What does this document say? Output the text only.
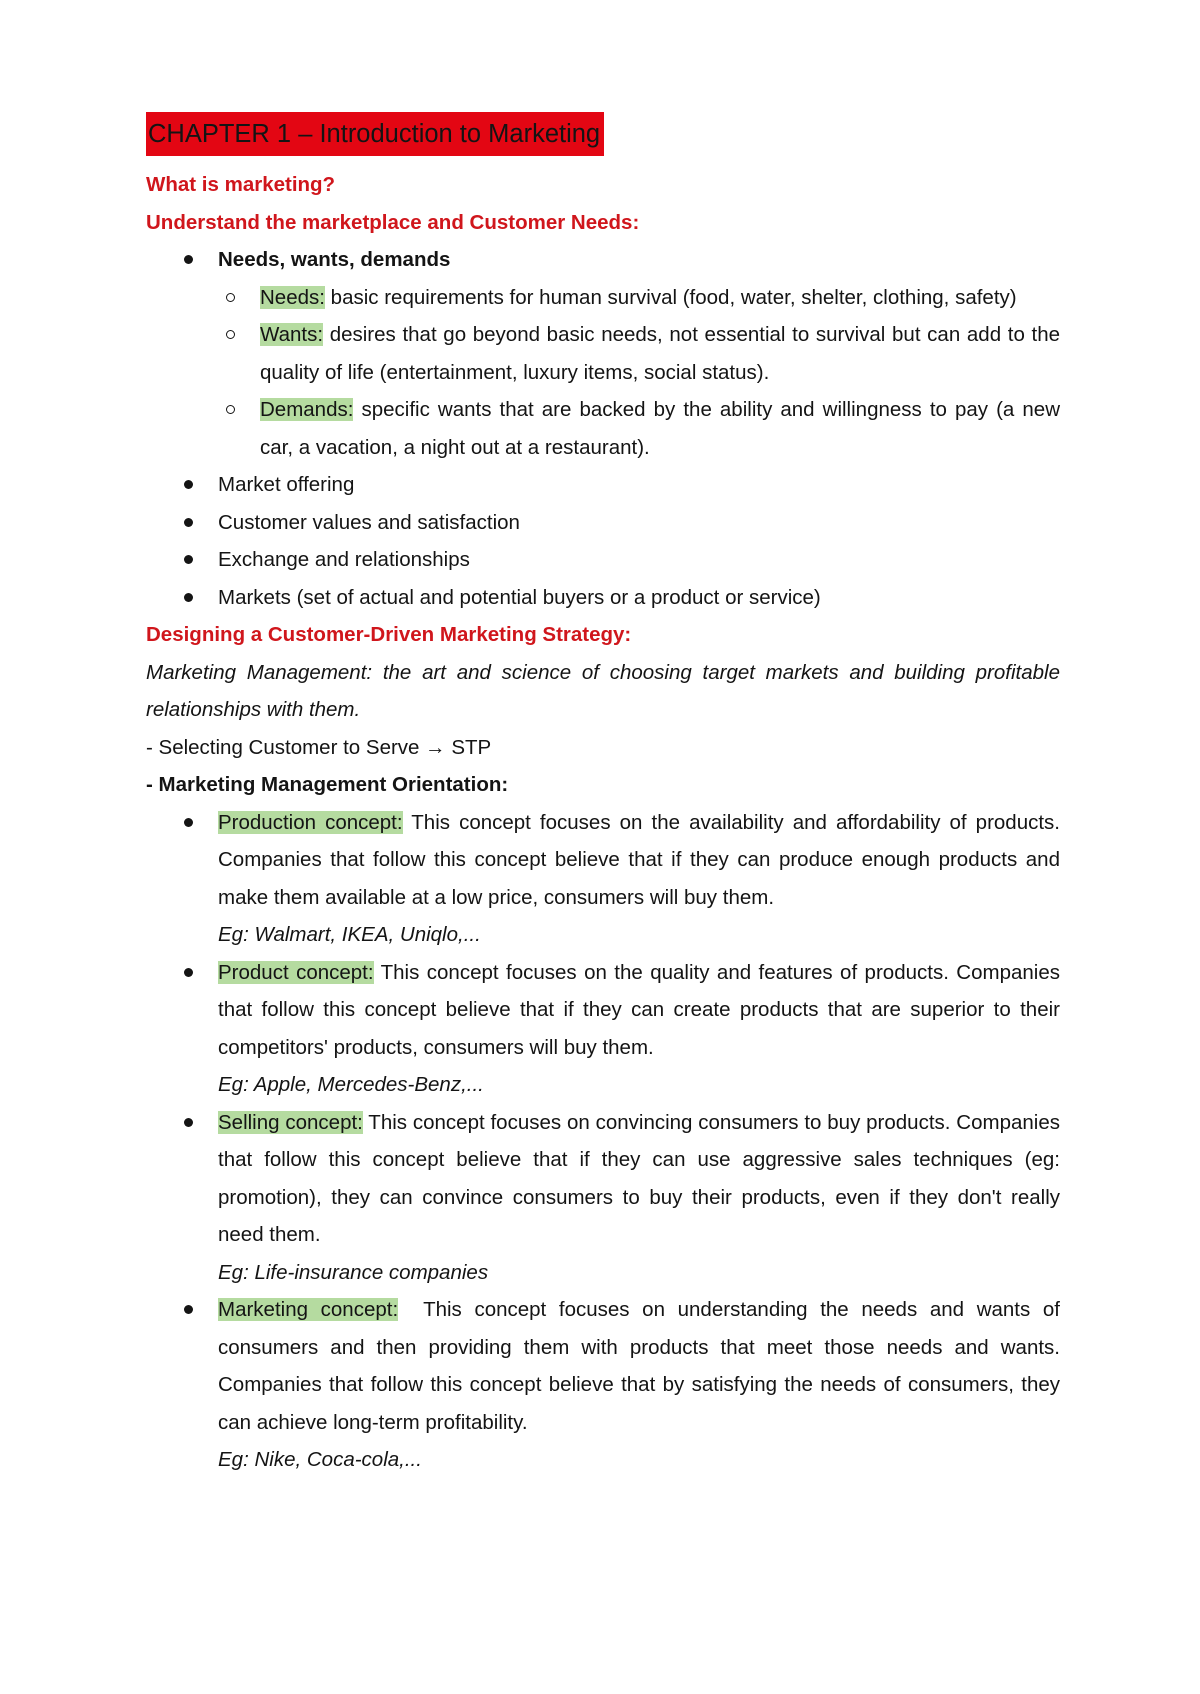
CHAPTER 1 – Introduction to Marketing

What is marketing?

Understand the marketplace and Customer Needs:

Needs, wants, demands
Needs: basic requirements for human survival (food, water, shelter, clothing, safety)
Wants: desires that go beyond basic needs, not essential to survival but can add to the quality of life (entertainment, luxury items, social status).
Demands: specific wants that are backed by the ability and willingness to pay (a new car, a vacation, a night out at a restaurant).
Market offering
Customer values and satisfaction
Exchange and relationships
Markets (set of actual and potential buyers or a product or service)

Designing a Customer-Driven Marketing Strategy:

Marketing Management: the art and science of choosing target markets and building profitable relationships with them.

- Selecting Customer to Serve → STP

- Marketing Management Orientation:

Production concept: This concept focuses on the availability and affordability of products. Companies that follow this concept believe that if they can produce enough products and make them available at a low price, consumers will buy them.
Eg: Walmart, IKEA, Uniqlo,...
Product concept: This concept focuses on the quality and features of products. Companies that follow this concept believe that if they can create products that are superior to their competitors' products, consumers will buy them.
Eg: Apple, Mercedes-Benz,...
Selling concept: This concept focuses on convincing consumers to buy products. Companies that follow this concept believe that if they can use aggressive sales techniques (eg: promotion), they can convince consumers to buy their products, even if they don't really need them.
Eg: Life-insurance companies
Marketing concept:  This concept focuses on understanding the needs and wants of consumers and then providing them with products that meet those needs and wants. Companies that follow this concept believe that by satisfying the needs of consumers, they can achieve long-term profitability.
Eg: Nike, Coca-cola,...
